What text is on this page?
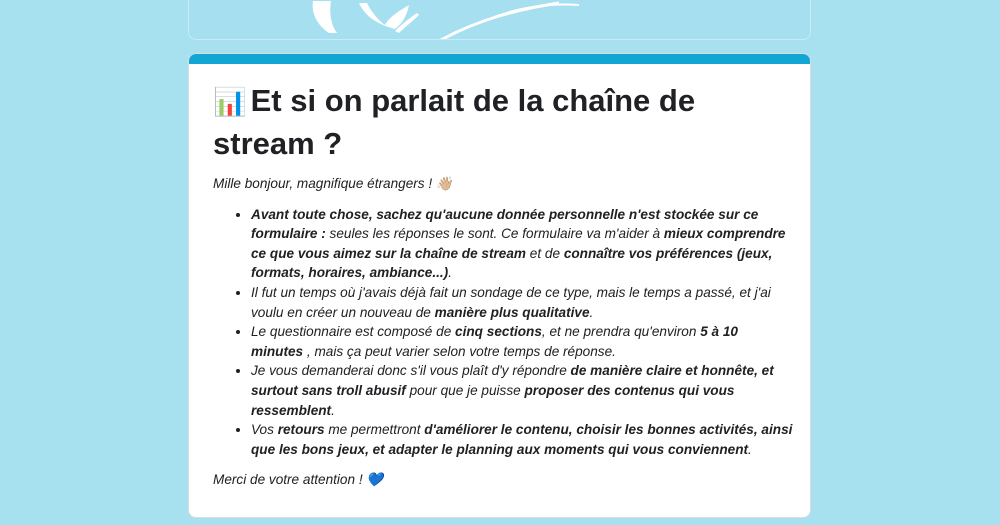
📊 Et si on parlait de la chaîne de stream ?

Mille bonjour, magnifique étrangers ! 👋🏼

• Avant toute chose, sachez qu'aucune donnée personnelle n'est stockée sur ce formulaire : seules les réponses le sont. Ce formulaire va m'aider à mieux comprendre ce que vous aimez sur la chaîne de stream et de connaître vos préférences (jeux, formats, horaires, ambiance...).
• Il fut un temps où j'avais déjà fait un sondage de ce type, mais le temps a passé, et j'ai voulu en créer un nouveau de manière plus qualitative.
• Le questionnaire est composé de cinq sections, et ne prendra qu'environ 5 à 10 minutes , mais ça peut varier selon votre temps de réponse.
• Je vous demanderai donc s'il vous plaît d'y répondre de manière claire et honnête, et surtout sans troll abusif pour que je puisse proposer des contenus qui vous ressemblent.
• Vos retours me permettront d'améliorer le contenu, choisir les bonnes activités, ainsi que les bons jeux, et adapter le planning aux moments qui vous conviennent.

Merci de votre attention ! 💙
